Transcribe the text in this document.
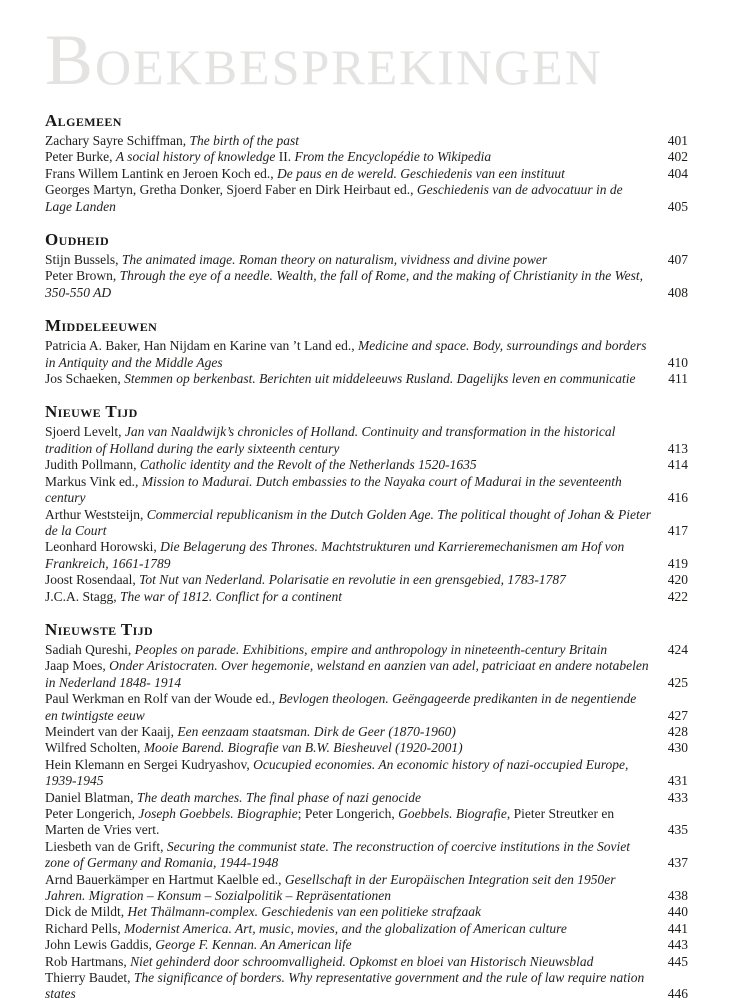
Boekbesprekingen
Algemeen

Zachary Sayre Schiffman, The birth of the past	401

Peter Burke, A social history of knowledge II. From the Encyclopédie to Wikipedia	402

Frans Willem Lantink en Jeroen Koch ed., De paus en de wereld. Geschiedenis van een instituut	404

Georges Martyn, Gretha Donker, Sjoerd Faber en Dirk Heirbaut ed., Geschiedenis van de advocatuur in de Lage Landen	405
Oudheid

Stijn Bussels, The animated image. Roman theory on naturalism, vividness and divine power	407

Peter Brown, Through the eye of a needle. Wealth, the fall of Rome, and the making of Christianity in the West, 350-550 AD	408
Middeleeuwen

Patricia A. Baker, Han Nijdam en Karine van ’t Land ed., Medicine and space. Body, surroundings and borders in Antiquity and the Middle Ages	410

Jos Schaeken, Stemmen op berkenbast. Berichten uit middeleeuws Rusland. Dagelijks leven en communicatie	411
Nieuwe Tijd

Sjoerd Levelt, Jan van Naaldwijk’s chronicles of Holland. Continuity and transformation in the historical tradition of Holland during the early sixteenth century	413

Judith Pollmann, Catholic identity and the Revolt of the Netherlands 1520-1635	414

Markus Vink ed., Mission to Madurai. Dutch embassies to the Nayaka court of Madurai in the seventeenth century	416

Arthur Weststeijn, Commercial republicanism in the Dutch Golden Age. The political thought of Johan & Pieter de la Court	417

Leonhard Horowski, Die Belagerung des Thrones. Machtstrukturen und Karrieremechanismen am Hof von Frankreich, 1661-1789	419

Joost Rosendaal, Tot Nut van Nederland. Polarisatie en revolutie in een grensgebied, 1783-1787	420

J.C.A. Stagg, The war of 1812. Conflict for a continent	422
Nieuwste Tijd

Sadiah Qureshi, Peoples on parade. Exhibitions, empire and anthropology in nineteenth-century Britain	424

Jaap Moes, Onder Aristocraten. Over hegemonie, welstand en aanzien van adel, patriciaat en andere notabelen in Nederland 1848- 1914	425

Paul Werkman en Rolf van der Woude ed., Bevlogen theologen. Geëngageerde predikanten in de negentiende en twintigste eeuw	427

Meindert van der Kaaij, Een eenzaam staatsman. Dirk de Geer (1870-1960)	428

Wilfred Scholten, Mooie Barend. Biografie van B.W. Biesheuvel (1920-2001)	430

Hein Klemann en Sergei Kudryashov, Ocucupied economies. An economic history of nazi-occupied Europe, 1939-1945	431

Daniel Blatman, The death marches. The final phase of nazi genocide	433

Peter Longerich, Joseph Goebbels. Biographie; Peter Longerich, Goebbels. Biografie, Pieter Streutker en Marten de Vries vert.	435

Liesbeth van de Grift, Securing the communist state. The reconstruction of coercive institutions in the Soviet zone of Germany and Romania, 1944-1948	437

Arnd Bauerkämper en Hartmut Kaelble ed., Gesellschaft in der Europäischen Integration seit den 1950er Jahren. Migration – Konsum – Sozialpolitik – Repräsentationen	438

Dick de Mildt, Het Thälmann-complex. Geschiedenis van een politieke strafzaak	440

Richard Pells, Modernist America. Art, music, movies, and the globalization of American culture	441

John Lewis Gaddis, George F. Kennan. An American life	443

Rob Hartmans, Niet gehinderd door schroomvalligheid. Opkomst en bloei van Historisch Nieuwsblad	445

Thierry Baudet, The significance of borders. Why representative government and the rule of law require nation states	446
